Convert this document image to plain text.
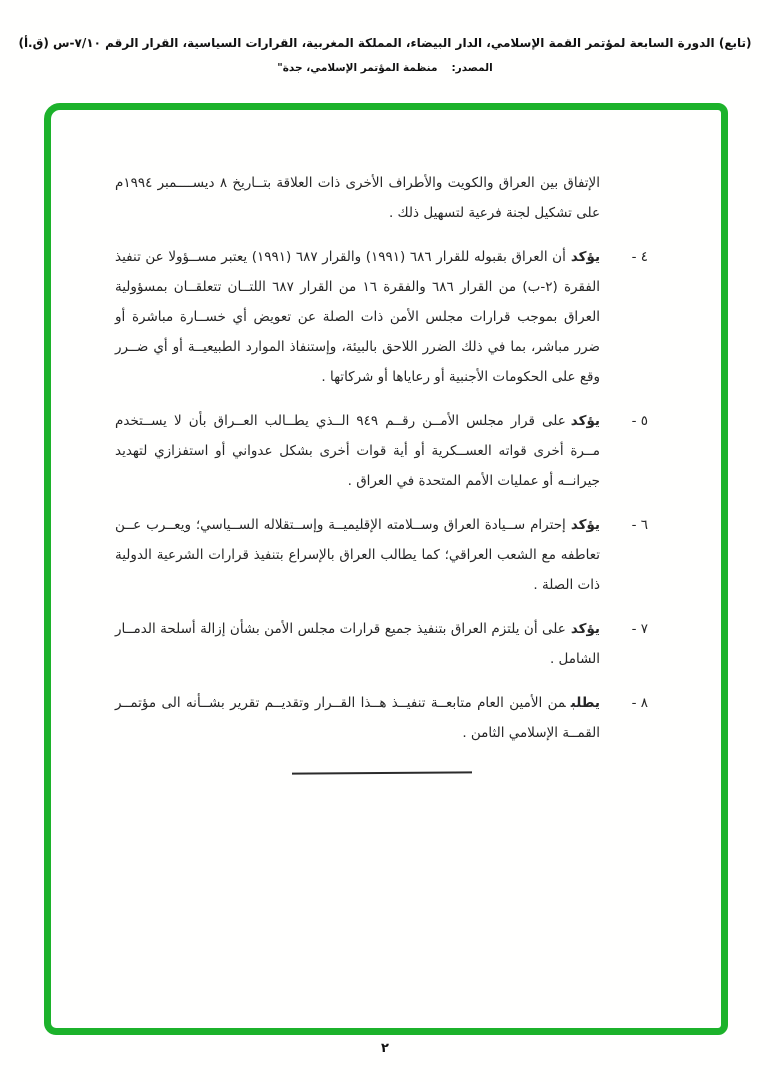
(تابع) الدورة السابعة لمؤتمر القمة الإسلامي، الدار البيضاء، المملكة المغربية، القرارات السياسية، القرار الرقم ٧/١٠-س (ق.أ)
المصدر:منظمة المؤتمر الإسلامي، جدة"

الإتفاق بين العراق والكويت والأطراف الأخرى ذات العلاقة بتــاريخ ٨ ديســــمبر ١٩٩٤م على تشكيل لجنة فرعية لتسهيل ذلك .

٤ -
يؤكدأن العراق بقبوله للقرار ٦٨٦ (١٩٩١) والقرار ٦٨٧ (١٩٩١) يعتبر مســؤولا عن تنفيذ الفقرة (٢-ب) من القرار ٦٨٦ والفقرة ١٦ من القرار ٦٨٧ اللتــان تتعلقــان بمسؤولية العراق بموجب قرارات مجلس الأمن ذات الصلة عن تعويض أي خســارة مباشرة أو ضرر مباشر، بما في ذلك الضرر اللاحق بالبيئة، وإستنفاذ الموارد الطبيعيــة أو أي ضــرر وقع على الحكومات الأجنبية أو رعاياها أو شركاتها .
٥ -
يؤكدعلى قرار مجلس الأمــن رقــم ٩٤٩ الــذي يطــالب العــراق بأن لا يســتخدم مــرة أخرى قواته العســكرية أو أية قوات أخرى بشكل عدواني أو استفزازي لتهديد جيرانــه أو عمليات الأمم المتحدة في العراق .
٦ -
يؤكدإحترام ســيادة العراق وســلامته الإقليميــة وإســتقلاله الســياسي؛ ويعــرب عــن تعاطفه مع الشعب العراقي؛ كما يطالب العراق بالإسراع بتنفيذ قرارات الشرعية الدولية ذات الصلة .
٧ -
يؤكدعلى أن يلتزم العراق بتنفيذ جميع قرارات مجلس الأمن بشأن إزالة أسلحة الدمــار الشامل .
٨ -
يطلبمن الأمين العام متابعــة تنفيــذ هــذا القــرار وتقديــم تقرير بشــأنه الى مؤتمــر القمــة الإسلامي الثامن .
٢
